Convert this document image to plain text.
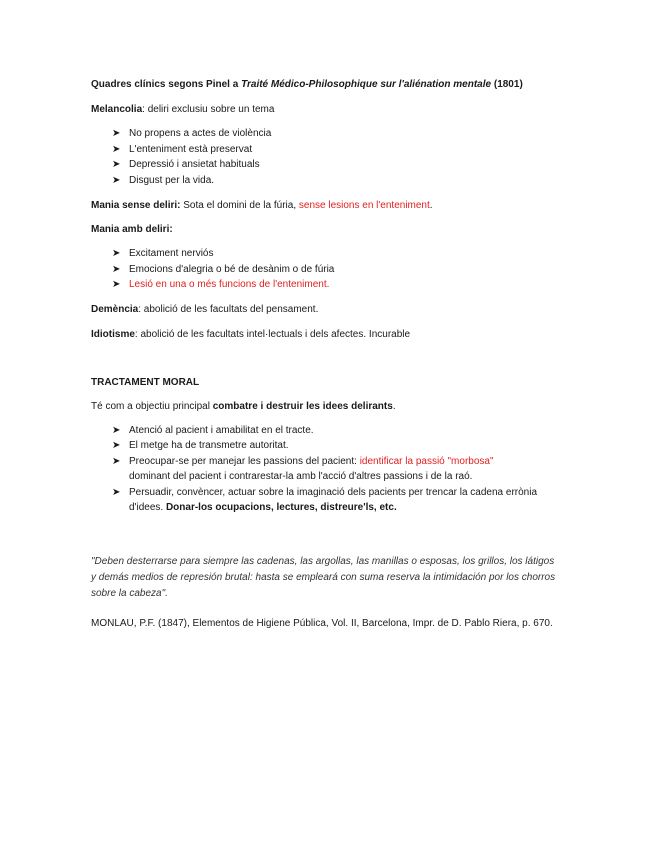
Quadres clínics segons Pinel a Traité Médico-Philosophique sur l'aliénation mentale (1801)

Melancolia: deliri exclusiu sobre un tema

➤ No propens a actes de violència
➤ L'enteniment està preservat
➤ Depressió i ansietat habituals
➤ Disgust per la vida.

Mania sense deliri: Sota el domini de la fúria, sense lesions en l'enteniment.

Mania amb deliri:

➤ Excitament nerviós
➤ Emocions d'alegria o bé de desànim o de fúria
➤ Lesió en una o més funcions de l'enteniment.

Demència: abolició de les facultats del pensament.

Idiotisme: abolició de les facultats intel·lectuals i dels afectes. Incurable

TRACTAMENT MORAL

Té com a objectiu principal combatre i destruir les idees delirants.

➤ Atenció al pacient i amabilitat en el tracte.
➤ El metge ha de transmetre autoritat.
➤ Preocupar-se per manejar les passions del pacient: identificar la passió "morbosa"
dominant del pacient i contrarestar-la amb l'acció d'altres passions i de la raó.
➤ Persuadir, convèncer, actuar sobre la imaginació dels pacients per trencar la cadena errònia d'idees. Donar-los ocupacions, lectures, distreure'ls, etc.

"Deben desterrarse para siempre las cadenas, las argollas, las manillas o esposas, los grillos, los látigos y demás medios de represión brutal: hasta se empleará con suma reserva la intimidación por los chorros sobre la cabeza".

MONLAU, P.F. (1847), Elementos de Higiene Pública, Vol. II, Barcelona, Impr. de D. Pablo Riera, p. 670.
